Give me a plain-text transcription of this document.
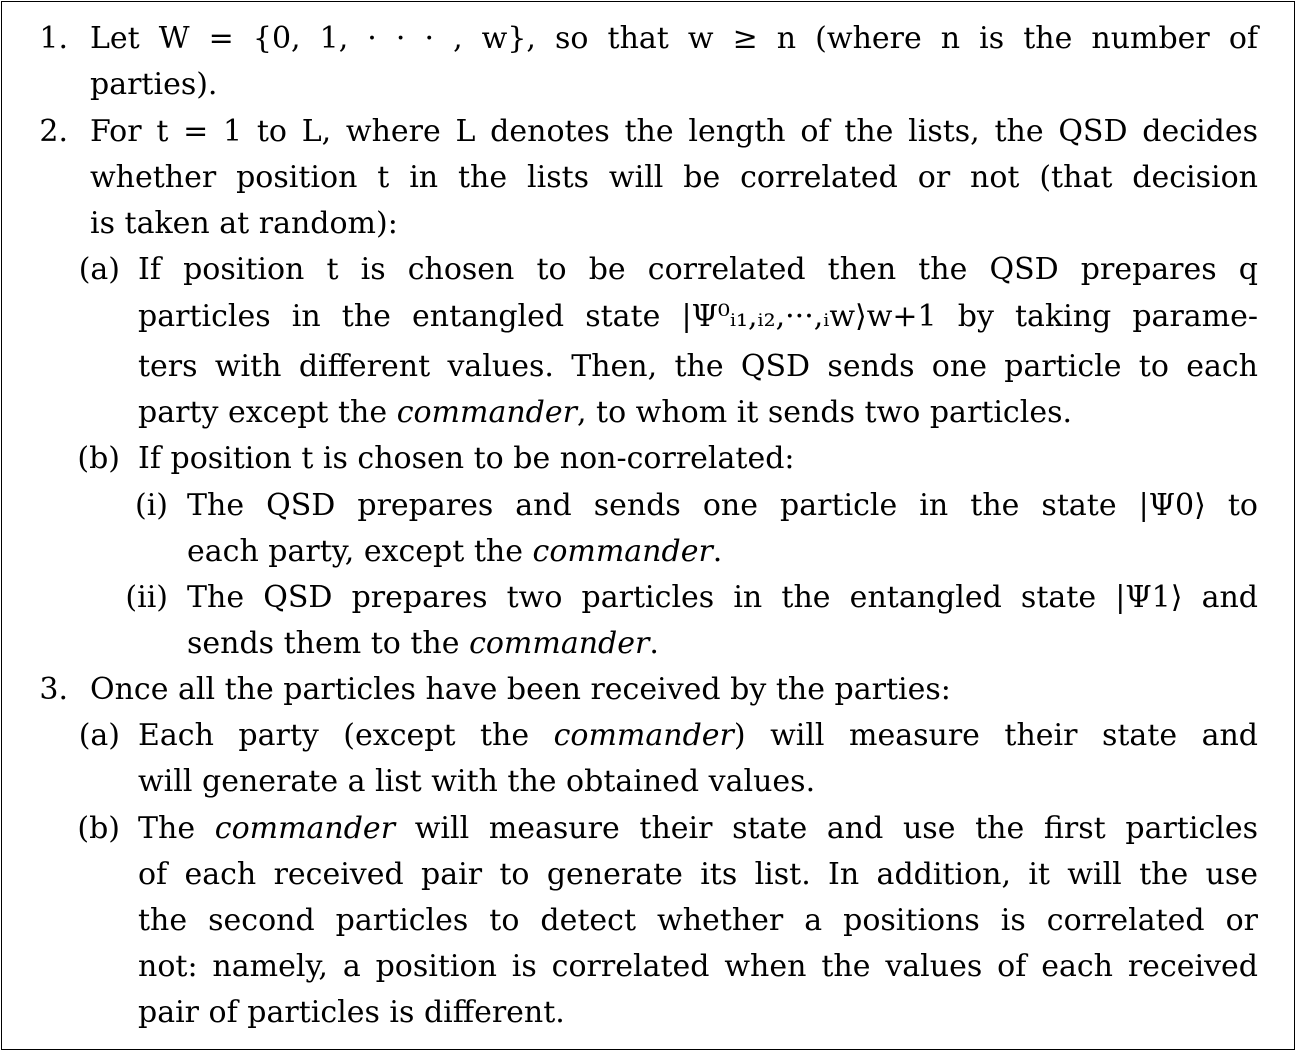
1. Let W = {0, 1, · · · , w}, so that w ≥ n (where n is the number of
parties).
2. For t = 1 to L, where L denotes the length of the lists, the QSD decides
whether position t in the lists will be correlated or not (that decision
is taken at random):
(a) If position t is chosen to be correlated then the QSD prepares q
particles in the entangled state |Ψ⁰ᵢ₁,ᵢ₂,···,ᵢw⟩w+1 by taking parame-
ters with different values. Then, the QSD sends one particle to each
party except the commander, to whom it sends two particles.
(b) If position t is chosen to be non-correlated:
(i) The QSD prepares and sends one particle in the state |Ψ0⟩ to
each party, except the commander.
(ii) The QSD prepares two particles in the entangled state |Ψ1⟩ and
sends them to the commander.
3. Once all the particles have been received by the parties:
(a) Each party (except the commander) will measure their state and
will generate a list with the obtained values.
(b) The commander will measure their state and use the first particles
of each received pair to generate its list. In addition, it will the use
the second particles to detect whether a positions is correlated or
not: namely, a position is correlated when the values of each received
pair of particles is different.
